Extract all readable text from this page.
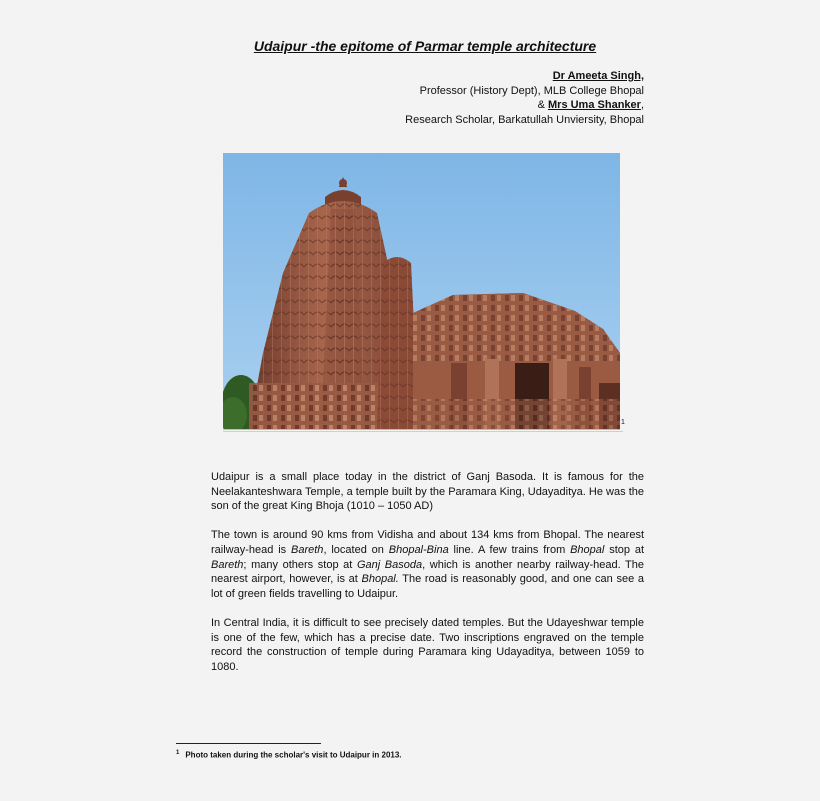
Udaipur -the epitome of Parmar temple architecture
Dr Ameeta Singh,
Professor (History Dept), MLB College Bhopal
& Mrs Uma Shanker,
Research Scholar, Barkatullah Unviersity, Bhopal
1

Udaipur is a small place today in the district of Ganj Basoda. It is famous for the Neelakanteshwara Temple, a temple built by the Paramara King, Udayaditya. He was the son of the great King Bhoja (1010 – 1050 AD)

The town is around 90 kms from Vidisha and about 134 kms from Bhopal. The nearest railway-head is Bareth, located on Bhopal-Bina line. A few trains from Bhopal stop at Bareth; many others stop at Ganj Basoda, which is another nearby railway-head. The nearest airport, however, is at Bhopal. The road is reasonably good, and one can see a lot of green fields travelling to Udaipur.

In Central India, it is difficult to see precisely dated temples. But the Udayeshwar temple is one of the few, which has a precise date. Two inscriptions engraved on the temple record the construction of temple during Paramara king Udayaditya, between 1059 to 1080.

$^1$ Photo taken during the scholar's visit to Udaipur in 2013.
